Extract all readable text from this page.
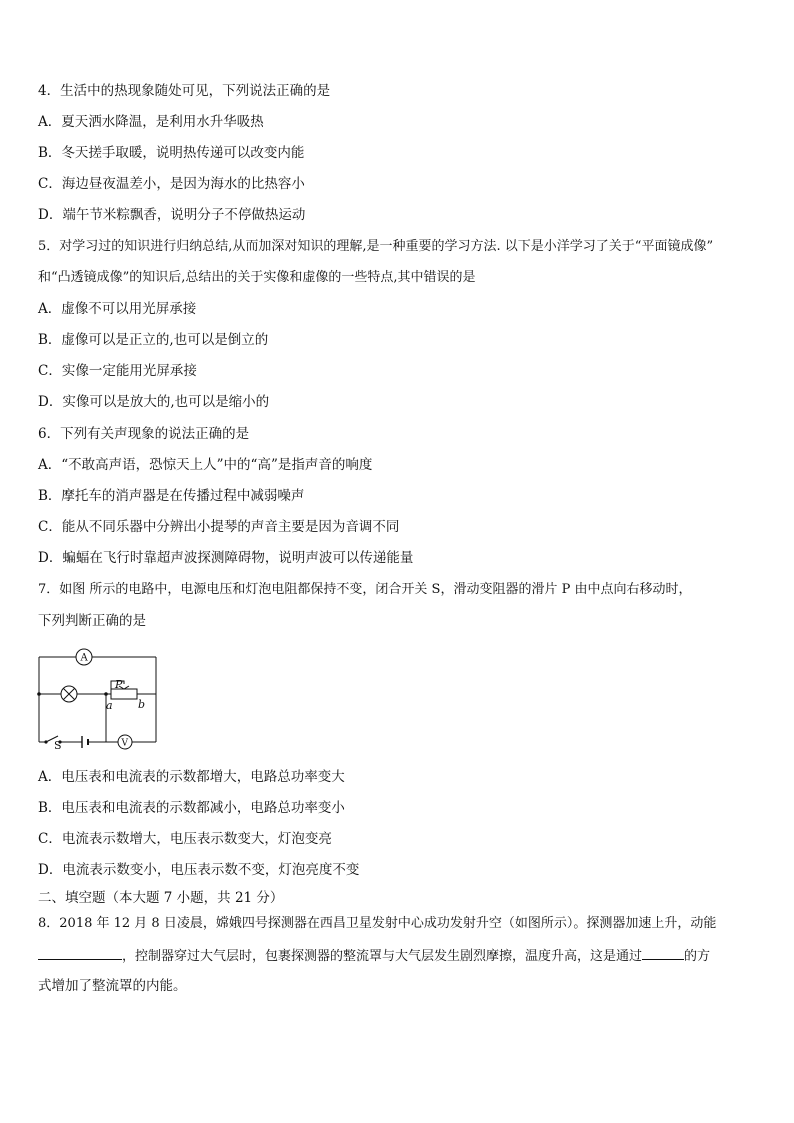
4．生活中的热现象随处可见，下列说法正确的是
A．夏天洒水降温，是利用水升华吸热
B．冬天搓手取暖，说明热传递可以改变内能
C．海边昼夜温差小，是因为海水的比热容小
D．端午节米粽飘香，说明分子不停做热运动
5．对学习过的知识进行归纳总结,从而加深对知识的理解,是一种重要的学习方法. 以下是小洋学习了关于“平面镜成像”
和“凸透镜成像”的知识后,总结出的关于实像和虚像的一些特点,其中错误的是
A．虚像不可以用光屏承接
B．虚像可以是正立的,也可以是倒立的
C．实像一定能用光屏承接
D．实像可以是放大的,也可以是缩小的
6．下列有关声现象的说法正确的是
A．“不敢高声语，恐惊天上人”中的“高”是指声音的响度
B．摩托车的消声器是在传播过程中减弱噪声
C．能从不同乐器中分辨出小提琴的声音主要是因为音调不同
D．蝙蝠在飞行时靠超声波探测障碍物，说明声波可以传递能量
7．如图 所示的电路中，电源电压和灯泡电阻都保持不变，闭合开关 S，滑动变阻器的滑片 P 由中点向右移动时，
下列判断正确的是
A
V
P
a b
S
A．电压表和电流表的示数都增大，电路总功率变大
B．电压表和电流表的示数都减小，电路总功率变小
C．电流表示数增大，电压表示数变大，灯泡变亮
D．电流表示数变小，电压表示数不变，灯泡亮度不变
二、填空题（本大题 7 小题，共 21 分）
8．2018 年 12 月 8 日凌晨，嫦娥四号探测器在西昌卫星发射中心成功发射升空（如图所示）。探测器加速上升，动能
，控制器穿过大气层时，包裹探测器的整流罩与大气层发生剧烈摩擦，温度升高，这是通过	的方
式增加了整流罩的内能。
